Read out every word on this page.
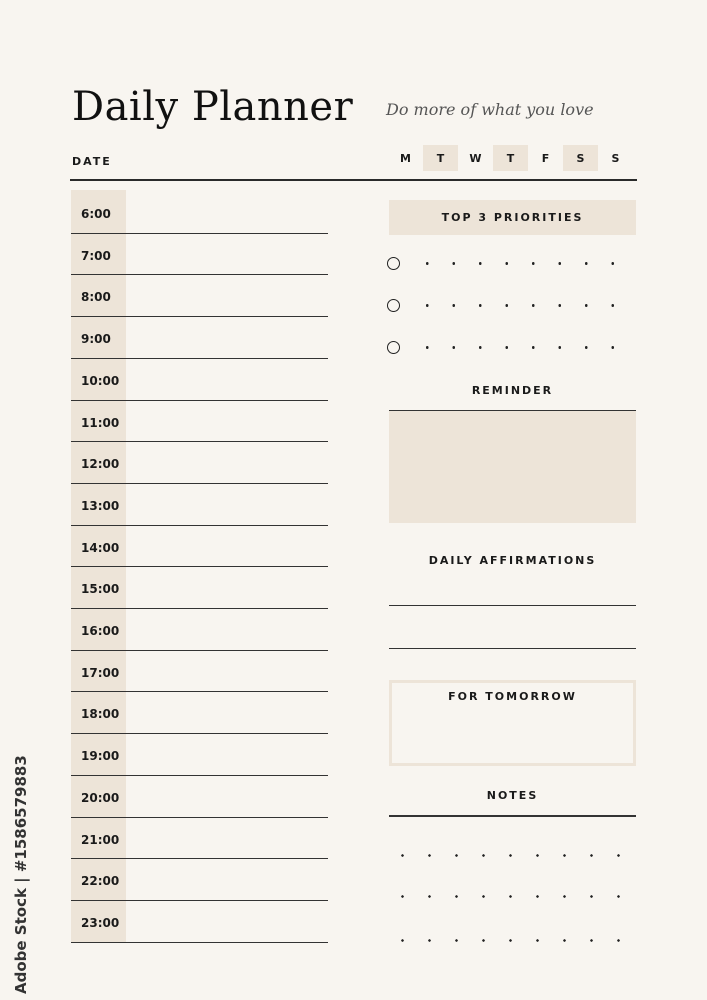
Daily Planner Do more of what you love
DATE	M	T	W	T	F	S	S
6:00
7:00
8:00
9:00
10:00
11:00
12:00
13:00
14:00
15:00
16:00
17:00
18:00
19:00
20:00
21:00
22:00
23:00
TOP 3 PRIORITIES
REMINDER
DAILY AFFIRMATIONS
FOR TOMORROW
NOTES
Adobe Stock | #1586579883
